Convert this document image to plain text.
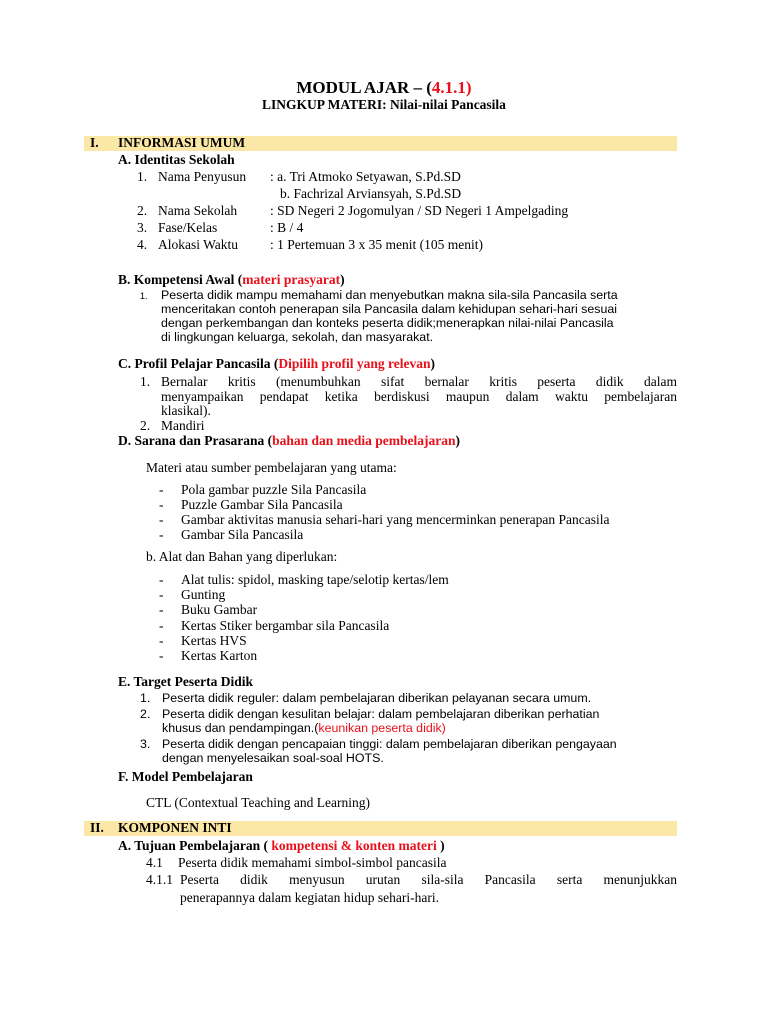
MODUL AJAR – (4.1.1)
LINGKUP MATERI: Nilai-nilai Pancasila
I. INFORMASI UMUM
A. Identitas Sekolah
1. Nama Penyusun : a. Tri Atmoko Setyawan, S.Pd.SD
b. Fachrizal Arviansyah, S.Pd.SD
2. Nama Sekolah : SD Negeri 2 Jogomulyan / SD Negeri 1 Ampelgading
3. Fase/Kelas	: B / 4
4. Alokasi Waktu : 1 Pertemuan 3 x 35 menit (105 menit)
B. Kompetensi Awal (materi prasyarat)
1. Peserta didik mampu memahami dan menyebutkan makna sila-sila Pancasila serta
menceritakan contoh penerapan sila Pancasila dalam kehidupan sehari-hari sesuai
dengan perkembangan dan konteks peserta didik;menerapkan nilai-nilai Pancasila
di lingkungan keluarga, sekolah, dan masyarakat.
C. Profil Pelajar Pancasila (Dipilih profil yang relevan)
1. Bernalar kritis (menumbuhkan sifat bernalar kritis peserta didik dalam
menyampaikan pendapat ketika berdiskusi maupun dalam waktu pembelajaran
klasikal).
2. Mandiri
D. Sarana dan Prasarana (bahan dan media pembelajaran)
Materi atau sumber pembelajaran yang utama:
- Pola gambar puzzle Sila Pancasila
- Puzzle Gambar Sila Pancasila
- Gambar aktivitas manusia sehari-hari yang mencerminkan penerapan Pancasila
- Gambar Sila Pancasila
b. Alat dan Bahan yang diperlukan:
- Alat tulis: spidol, masking tape/selotip kertas/lem
- Gunting
- Buku Gambar
- Kertas Stiker bergambar sila Pancasila
- Kertas HVS
- Kertas Karton
E. Target Peserta Didik
1. Peserta didik reguler: dalam pembelajaran diberikan pelayanan secara umum.
2. Peserta didik dengan kesulitan belajar: dalam pembelajaran diberikan perhatian
khusus dan pendampingan.(keunikan peserta didik)
3. Peserta didik dengan pencapaian tinggi: dalam pembelajaran diberikan pengayaan
dengan menyelesaikan soal-soal HOTS.
F. Model Pembelajaran
CTL (Contextual Teaching and Learning)
II. KOMPONEN INTI
A. Tujuan Pembelajaran ( kompetensi & konten materi )
4.1 Peserta didik memahami simbol-simbol pancasila
4.1.1 Peserta didik menyusun urutan sila-sila Pancasila serta menunjukkan
penerapannya dalam kegiatan hidup sehari-hari.
